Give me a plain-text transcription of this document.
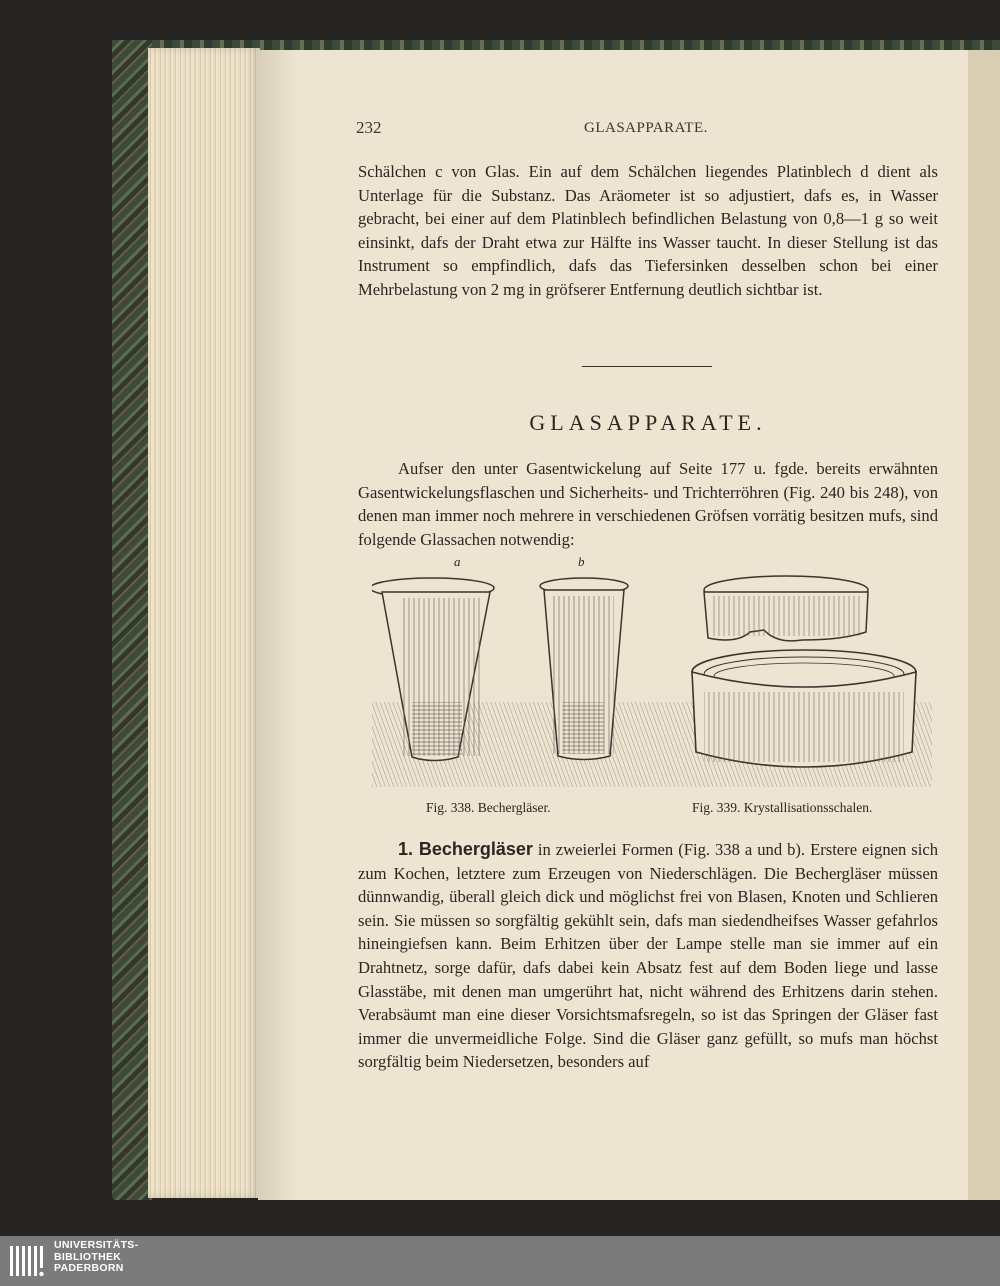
232	GLASAPPARATE.
Schälchen c von Glas. Ein auf dem Schälchen liegendes Platinblech d dient als Unterlage für die Substanz. Das Aräometer ist so adjustiert, dafs es, in Wasser gebracht, bei einer auf dem Platinblech befindlichen Belastung von 0,8—1 g so weit einsinkt, dafs der Draht etwa zur Hälfte ins Wasser taucht. In dieser Stellung ist das Instrument so empfindlich, dafs das Tiefersinken desselben schon bei einer Mehrbelastung von 2 mg in gröfserer Entfernung deutlich sichtbar ist.
GLASAPPARATE.
Aufser den unter Gasentwickelung auf Seite 177 u. fgde. bereits erwähnten Gasentwickelungsflaschen und Sicherheits- und Trichterröhren (Fig. 240 bis 248), von denen man immer noch mehrere in verschiedenen Gröfsen vorrätig besitzen mufs, sind folgende Glassachen notwendig:
a	b
Fig. 338. Bechergläser.	Fig. 339. Krystallisationsschalen.
1. Bechergläser in zweierlei Formen (Fig. 338 a und b). Erstere eignen sich zum Kochen, letztere zum Erzeugen von Niederschlägen. Die Bechergläser müssen dünnwandig, überall gleich dick und möglichst frei von Blasen, Knoten und Schlieren sein. Sie müssen so sorgfältig gekühlt sein, dafs man siedendheifses Wasser gefahrlos hineingiefsen kann. Beim Erhitzen über der Lampe stelle man sie immer auf ein Drahtnetz, sorge dafür, dafs dabei kein Absatz fest auf dem Boden liege und lasse Glasstäbe, mit denen man umgerührt hat, nicht während des Erhitzens darin stehen. Verabsäumt man eine dieser Vorsichtsmafsregeln, so ist das Springen der Gläser fast immer die unvermeidliche Folge. Sind die Gläser ganz gefüllt, so mufs man höchst sorgfältig beim Niedersetzen, besonders auf
UNIVERSITÄTS-
BIBLIOTHEK
PADERBORN
